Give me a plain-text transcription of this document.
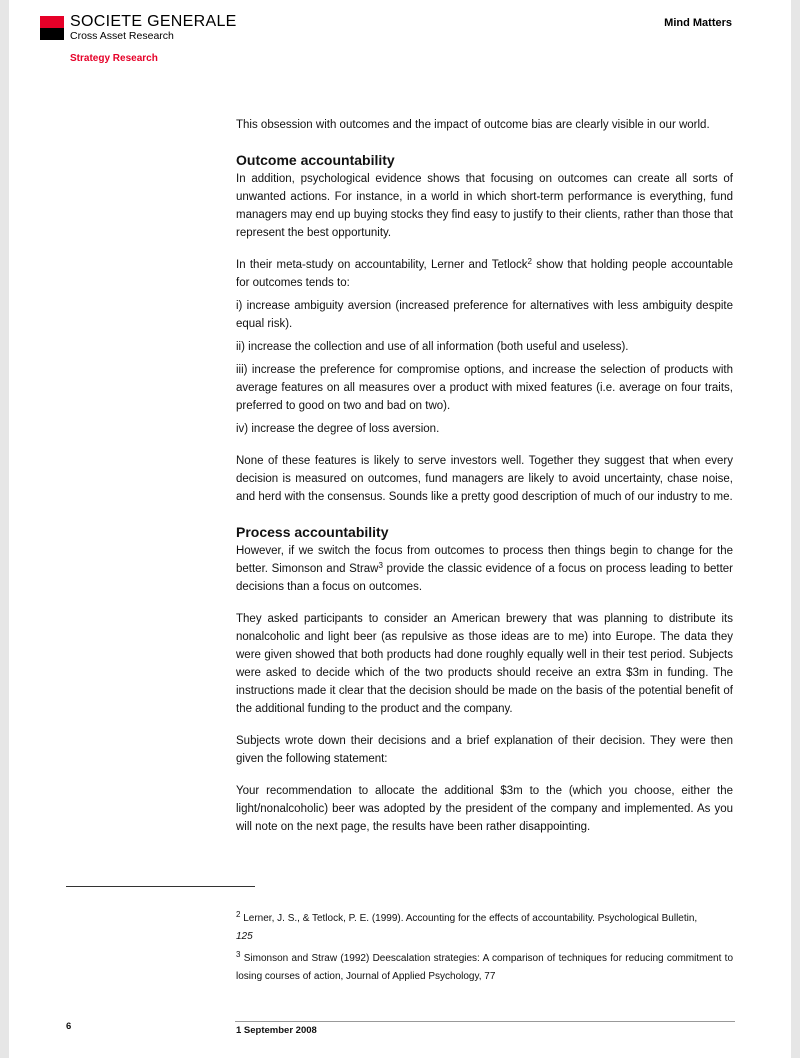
SOCIETE GENERALE
Cross Asset Research
Strategy Research
Mind Matters

This obsession with outcomes and the impact of outcome bias are clearly visible in our world.

Outcome accountability

In addition, psychological evidence shows that focusing on outcomes can create all sorts of unwanted actions. For instance, in a world in which short-term performance is everything, fund managers may end up buying stocks they find easy to justify to their clients, rather than those that represent the best opportunity.

In their meta-study on accountability, Lerner and Tetlock$^2$ show that holding people accountable for outcomes tends to:

i) increase ambiguity aversion (increased preference for alternatives with less ambiguity despite equal risk).

ii) increase the collection and use of all information (both useful and useless).

iii) increase the preference for compromise options, and increase the selection of products with average features on all measures over a product with mixed features (i.e. average on four traits, preferred to good on two and bad on two).

iv) increase the degree of loss aversion.

None of these features is likely to serve investors well. Together they suggest that when every decision is measured on outcomes, fund managers are likely to avoid uncertainty, chase noise, and herd with the consensus. Sounds like a pretty good description of much of our industry to me.

Process accountability

However, if we switch the focus from outcomes to process then things begin to change for the better. Simonson and Straw$^3$ provide the classic evidence of a focus on process leading to better decisions than a focus on outcomes.

They asked participants to consider an American brewery that was planning to distribute its nonalcoholic and light beer (as repulsive as those ideas are to me) into Europe. The data they were given showed that both products had done roughly equally well in their test period. Subjects were asked to decide which of the two products should receive an extra $3m in funding. The instructions made it clear that the decision should be made on the basis of the potential benefit of the additional funding to the product and the company.

Subjects wrote down their decisions and a brief explanation of their decision. They were then given the following statement:

Your recommendation to allocate the additional $3m to the (which you choose, either the light/nonalcoholic) beer was adopted by the president of the company and implemented. As you will note on the next page, the results have been rather disappointing.

$^2$ Lerner, J. S., & Tetlock, P. E. (1999). Accounting for the effects of accountability. Psychological Bulletin,
125

$^3$ Simonson and Straw (1992) Deescalation strategies: A comparison of techniques for reducing commitment to losing courses of action, Journal of Applied Psychology, 77

6	1 September 2008
